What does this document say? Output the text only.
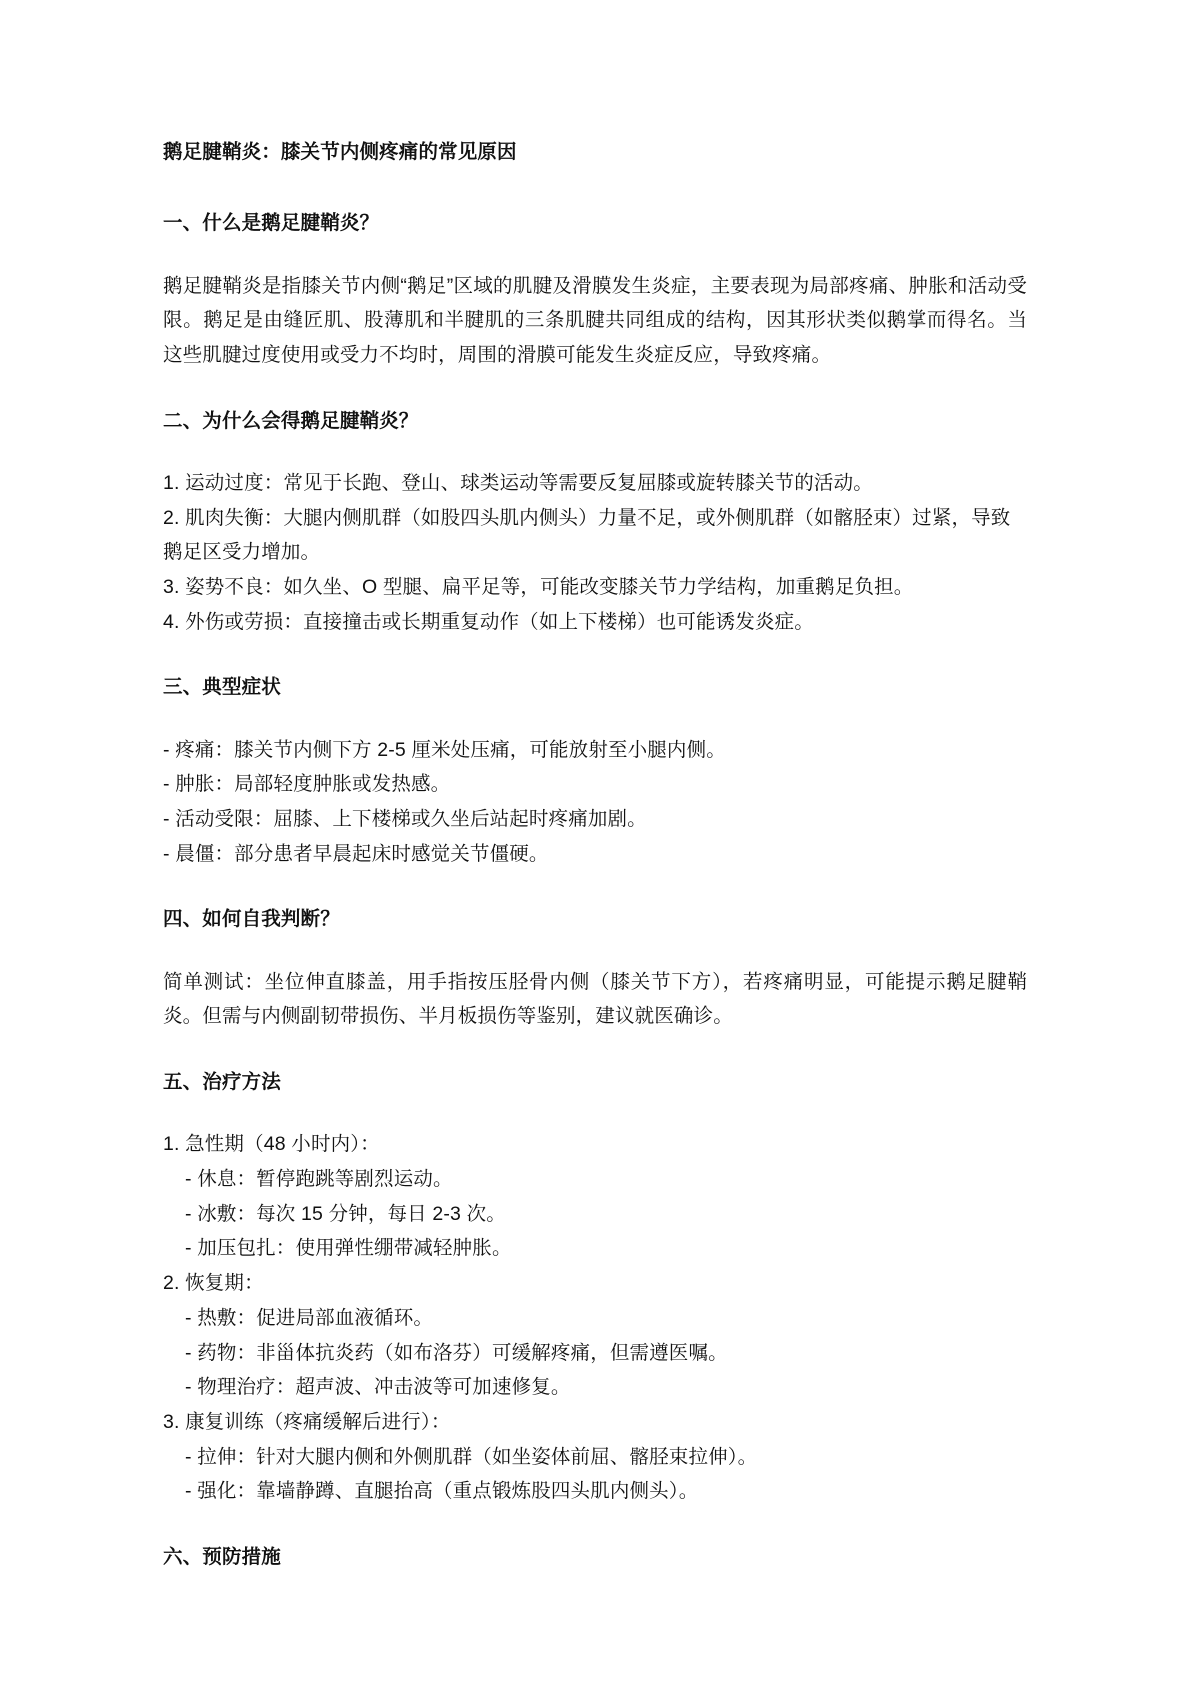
鹅足腱鞘炎：膝关节内侧疼痛的常见原因
一、什么是鹅足腱鞘炎？
鹅足腱鞘炎是指膝关节内侧“鹅足”区域的肌腱及滑膜发生炎症，主要表现为局部疼痛、肿胀和活动受限。鹅足是由缝匠肌、股薄肌和半腱肌的三条肌腱共同组成的结构，因其形状类似鹅掌而得名。当这些肌腱过度使用或受力不均时，周围的滑膜可能发生炎症反应，导致疼痛。
二、为什么会得鹅足腱鞘炎？
1. 运动过度：常见于长跑、登山、球类运动等需要反复屈膝或旋转膝关节的活动。
2. 肌肉失衡：大腿内侧肌群（如股四头肌内侧头）力量不足，或外侧肌群（如髂胫束）过紧，导致鹅足区受力增加。
3. 姿势不良：如久坐、O 型腿、扁平足等，可能改变膝关节力学结构，加重鹅足负担。
4. 外伤或劳损：直接撞击或长期重复动作（如上下楼梯）也可能诱发炎症。
三、典型症状
- 疼痛：膝关节内侧下方 2-5 厘米处压痛，可能放射至小腿内侧。
- 肿胀：局部轻度肿胀或发热感。
- 活动受限：屈膝、上下楼梯或久坐后站起时疼痛加剧。
- 晨僵：部分患者早晨起床时感觉关节僵硬。
四、如何自我判断？
简单测试：坐位伸直膝盖，用手指按压胫骨内侧（膝关节下方），若疼痛明显，可能提示鹅足腱鞘炎。但需与内侧副韧带损伤、半月板损伤等鉴别，建议就医确诊。
五、治疗方法
1. 急性期（48 小时内）：
- 休息：暂停跑跳等剧烈运动。
- 冰敷：每次 15 分钟，每日 2-3 次。
- 加压包扎：使用弹性绷带减轻肿胀。
2. 恢复期：
- 热敷：促进局部血液循环。
- 药物：非甾体抗炎药（如布洛芬）可缓解疼痛，但需遵医嘱。
- 物理治疗：超声波、冲击波等可加速修复。
3. 康复训练（疼痛缓解后进行）：
- 拉伸：针对大腿内侧和外侧肌群（如坐姿体前屈、髂胫束拉伸）。
- 强化：靠墙静蹲、直腿抬高（重点锻炼股四头肌内侧头）。
六、预防措施
